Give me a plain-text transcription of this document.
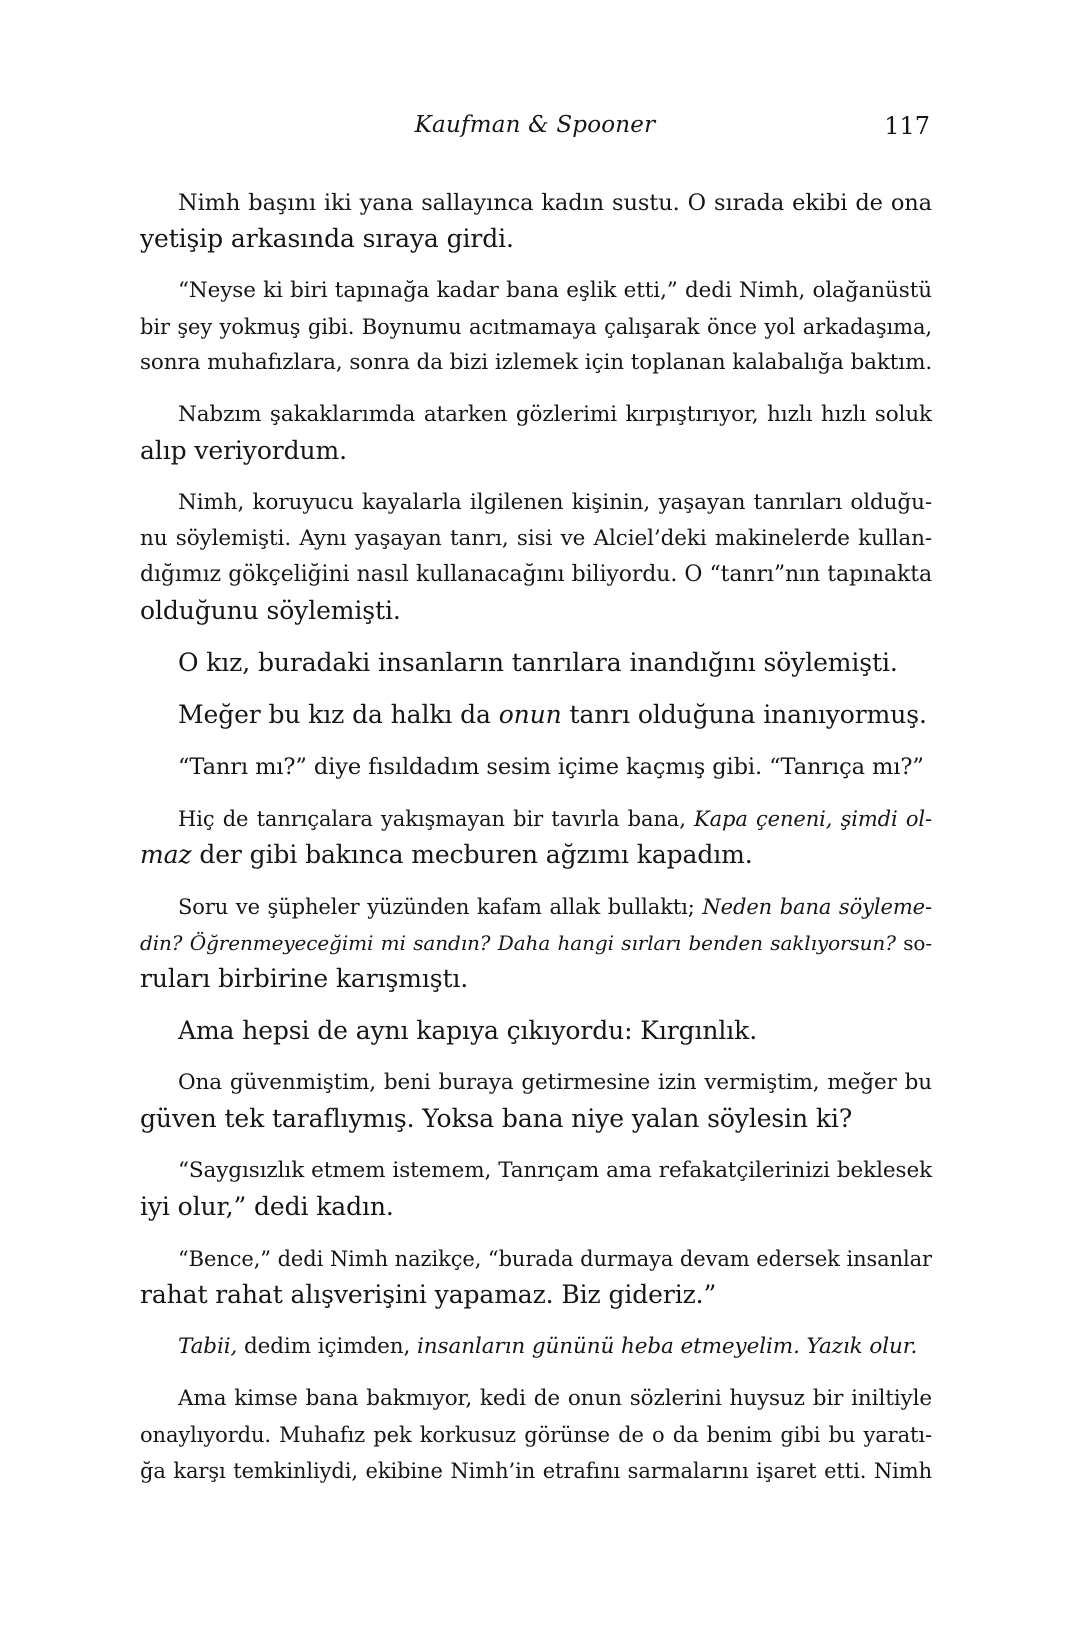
Kaufman & Spooner	117

Nimh başını iki yana sallayınca kadın sustu. O sırada ekibi de ona
yetişip arkasında sıraya girdi.

“Neyse ki biri tapınağa kadar bana eşlik etti,” dedi Nimh, olağanüstü
bir şey yokmuş gibi. Boynumu acıtmamaya çalışarak önce yol arkadaşıma,
sonra muhafızlara, sonra da bizi izlemek için toplanan kalabalığa baktım.

Nabzım şakaklarımda atarken gözlerimi kırpıştırıyor, hızlı hızlı soluk
alıp veriyordum.

Nimh, koruyucu kayalarla ilgilenen kişinin, yaşayan tanrıları olduğu-
nu söylemişti. Aynı yaşayan tanrı, sisi ve Alciel’deki makinelerde kullan-
dığımız gökçeliğini nasıl kullanacağını biliyordu. O “tanrı”nın tapınakta
olduğunu söylemişti.

O kız, buradaki insanların tanrılara inandığını söylemişti.

Meğer bu kız da halkı da onun tanrı olduğuna inanıyormuş.

“Tanrı mı?” diye fısıldadım sesim içime kaçmış gibi. “Tanrıça mı?”

Hiç de tanrıçalara yakışmayan bir tavırla bana, Kapa çeneni, şimdi ol-
maz der gibi bakınca mecburen ağzımı kapadım.

Soru ve şüpheler yüzünden kafam allak bullaktı; Neden bana söyleme-
din? Öğrenmeyeceğimi mi sandın? Daha hangi sırları benden saklıyorsun? so-
ruları birbirine karışmıştı.

Ama hepsi de aynı kapıya çıkıyordu: Kırgınlık.

Ona güvenmiştim, beni buraya getirmesine izin vermiştim, meğer bu
güven tek taraflıymış. Yoksa bana niye yalan söylesin ki?

“Saygısızlık etmem istemem, Tanrıçam ama refakatçilerinizi beklesek
iyi olur,” dedi kadın.

“Bence,” dedi Nimh nazikçe, “burada durmaya devam edersek insanlar
rahat rahat alışverişini yapamaz. Biz gideriz.”

Tabii, dedim içimden, insanların gününü heba etmeyelim. Yazık olur.

Ama kimse bana bakmıyor, kedi de onun sözlerini huysuz bir iniltiyle
onaylıyordu. Muhafız pek korkusuz görünse de o da benim gibi bu yaratı-
ğa karşı temkinliydi, ekibine Nimh’in etrafını sarmalarını işaret etti. Nimh
